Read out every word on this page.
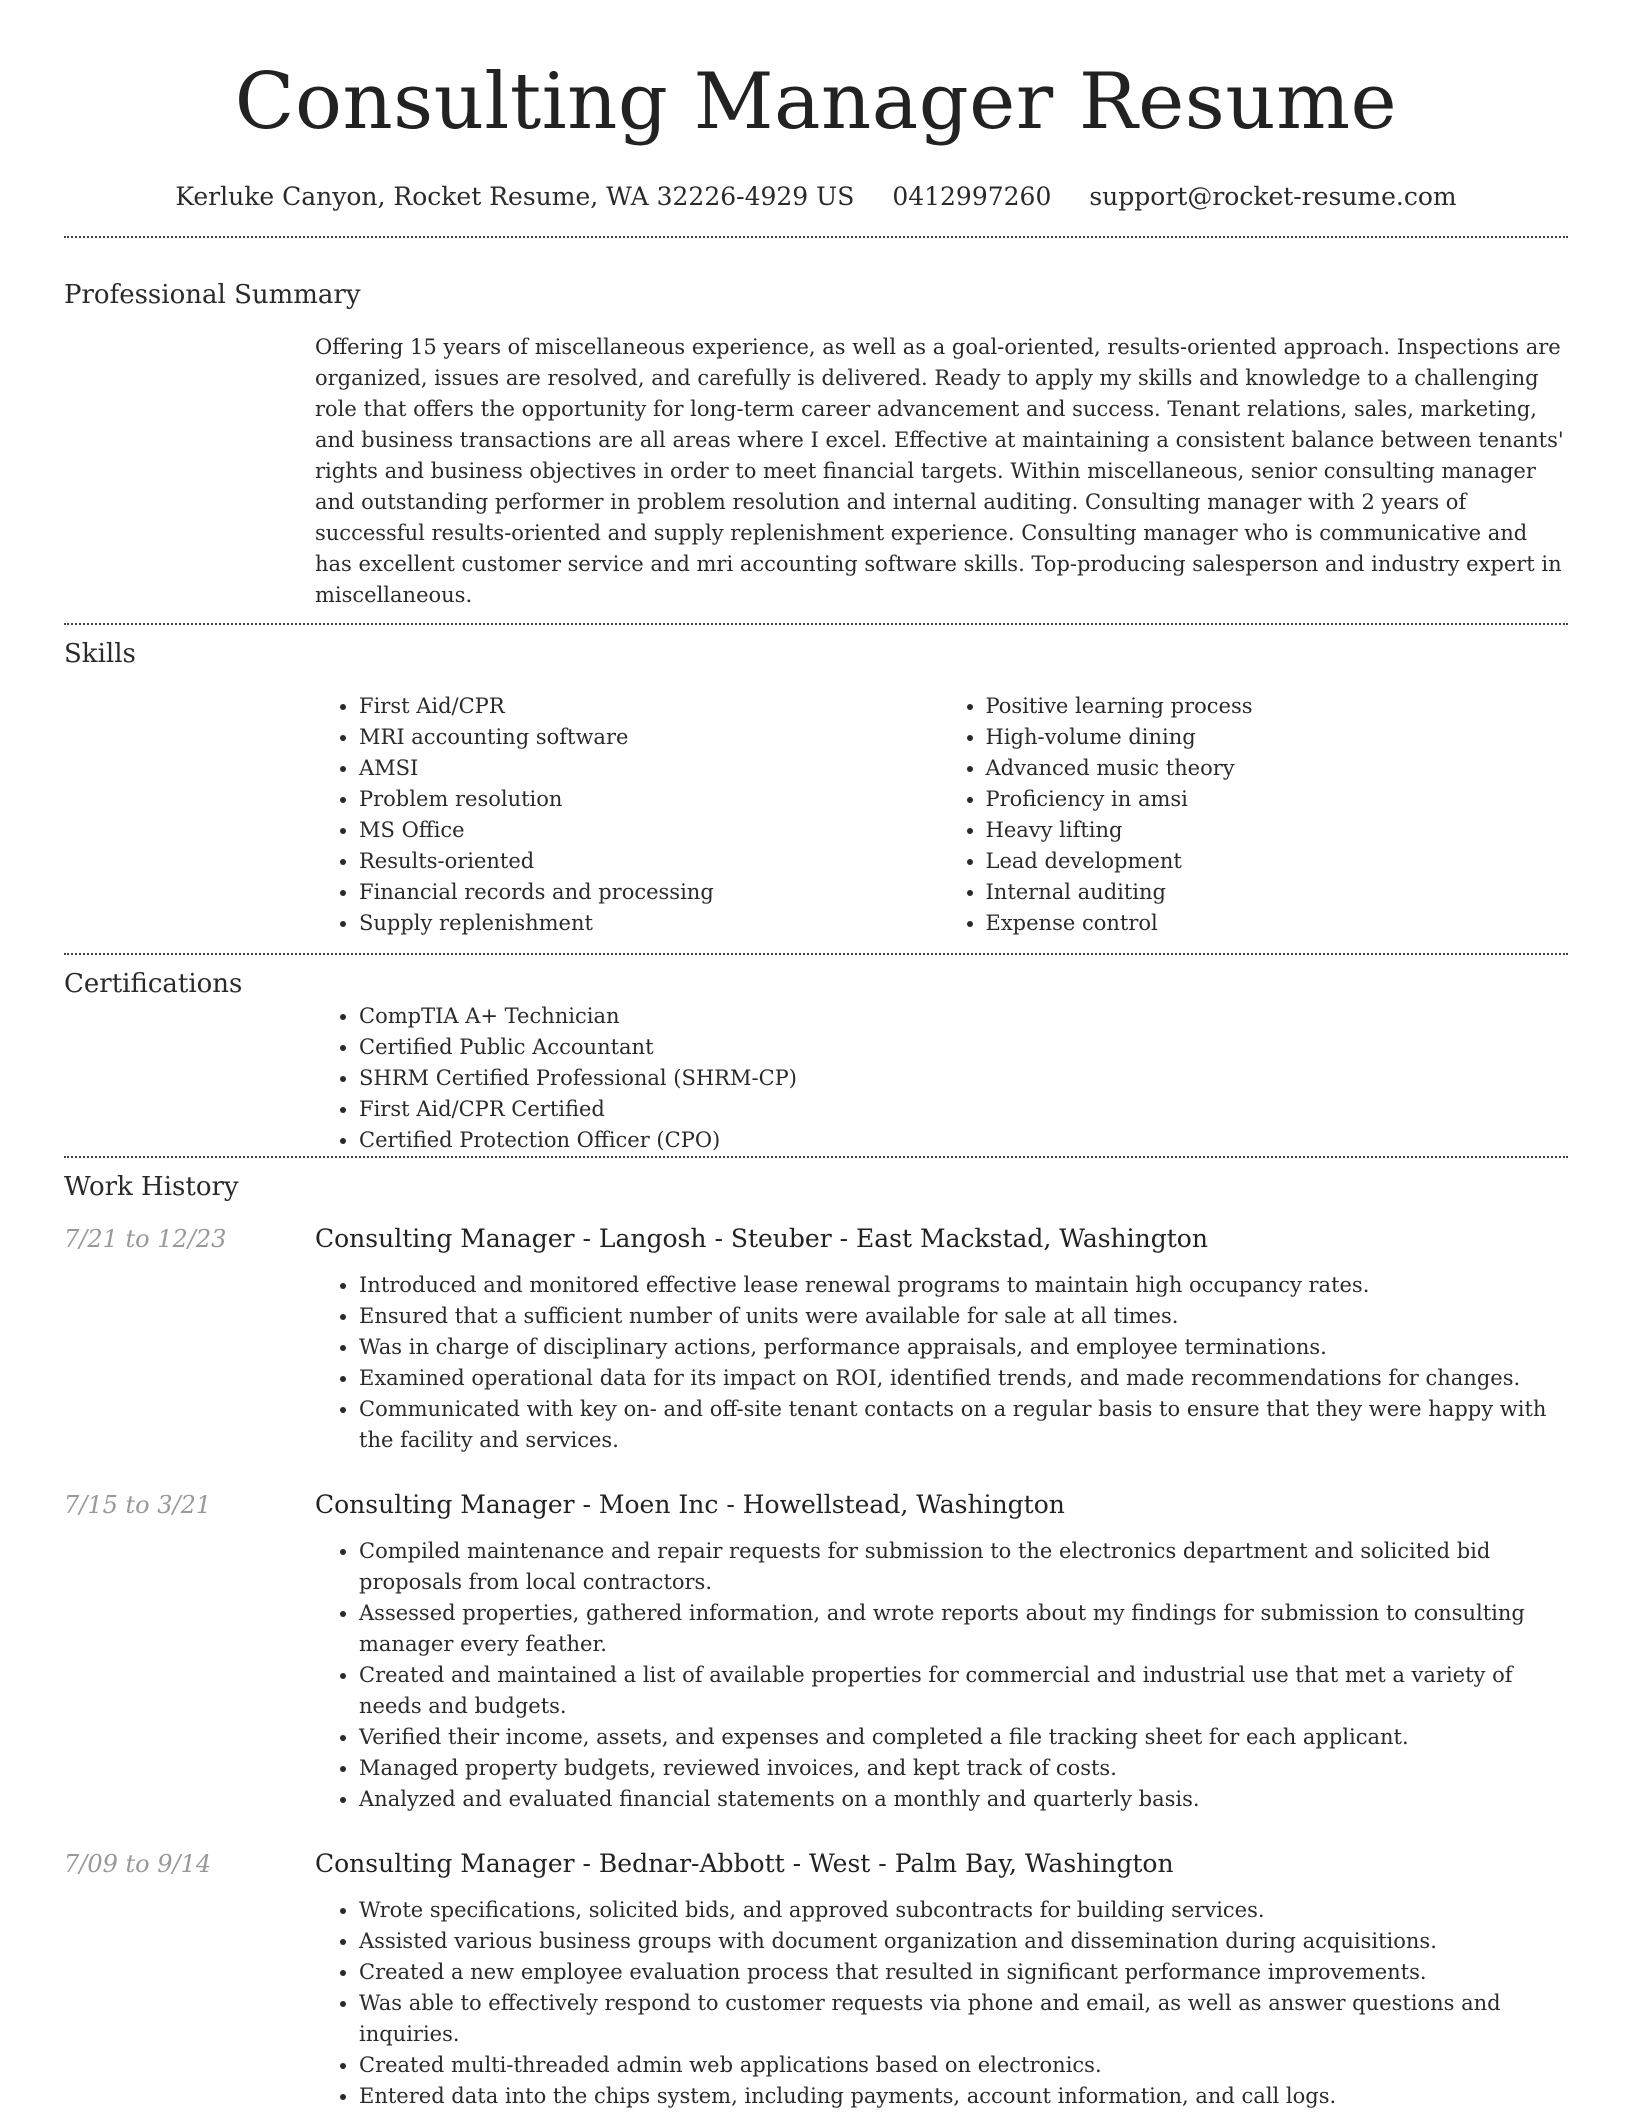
Consulting Manager Resume
Kerluke Canyon, Rocket Resume, WA 32226-4929 US 0412997260 support@rocket-resume.com
Professional Summary

Offering 15 years of miscellaneous experience, as well as a goal-oriented, results-oriented approach. Inspections are organized, issues are resolved, and carefully is delivered. Ready to apply my skills and knowledge to a challenging role that offers the opportunity for long-term career advancement and success. Tenant relations, sales, marketing, and business transactions are all areas where I excel. Effective at maintaining a consistent balance between tenants' rights and business objectives in order to meet financial targets. Within miscellaneous, senior consulting manager and outstanding performer in problem resolution and internal auditing. Consulting manager with 2 years of successful results-oriented and supply replenishment experience. Consulting manager who is communicative and has excellent customer service and mri accounting software skills. Top-producing salesperson and industry expert in miscellaneous.

Skills
• First Aid/CPR
• MRI accounting software
• AMSI
• Problem resolution
• MS Office
• Results-oriented
• Financial records and processing
• Supply replenishment
• Positive learning process
• High-volume dining
• Advanced music theory
• Proficiency in amsi
• Heavy lifting
• Lead development
• Internal auditing
• Expense control
Certifications
• CompTIA A+ Technician
• Certified Public Accountant
• SHRM Certified Professional (SHRM-CP)
• First Aid/CPR Certified
• Certified Protection Officer (CPO)
Work History
7/21 to 12/23	Consulting Manager - Langosh - Steuber - East Mackstad, Washington
• Introduced and monitored effective lease renewal programs to maintain high occupancy rates.
• Ensured that a sufficient number of units were available for sale at all times.
• Was in charge of disciplinary actions, performance appraisals, and employee terminations.
• Examined operational data for its impact on ROI, identified trends, and made recommendations for changes.
• Communicated with key on- and off-site tenant contacts on a regular basis to ensure that they were happy with the facility and services.
7/15 to 3/21	Consulting Manager - Moen Inc - Howellstead, Washington
• Compiled maintenance and repair requests for submission to the electronics department and solicited bid proposals from local contractors.
• Assessed properties, gathered information, and wrote reports about my findings for submission to consulting manager every feather.
• Created and maintained a list of available properties for commercial and industrial use that met a variety of needs and budgets.
• Verified their income, assets, and expenses and completed a file tracking sheet for each applicant.
• Managed property budgets, reviewed invoices, and kept track of costs.
• Analyzed and evaluated financial statements on a monthly and quarterly basis.
7/09 to 9/14	Consulting Manager - Bednar-Abbott - West - Palm Bay, Washington
• Wrote specifications, solicited bids, and approved subcontracts for building services.
• Assisted various business groups with document organization and dissemination during acquisitions.
• Created a new employee evaluation process that resulted in significant performance improvements.
• Was able to effectively respond to customer requests via phone and email, as well as answer questions and inquiries.
• Created multi-threaded admin web applications based on electronics.
• Entered data into the chips system, including payments, account information, and call logs.
